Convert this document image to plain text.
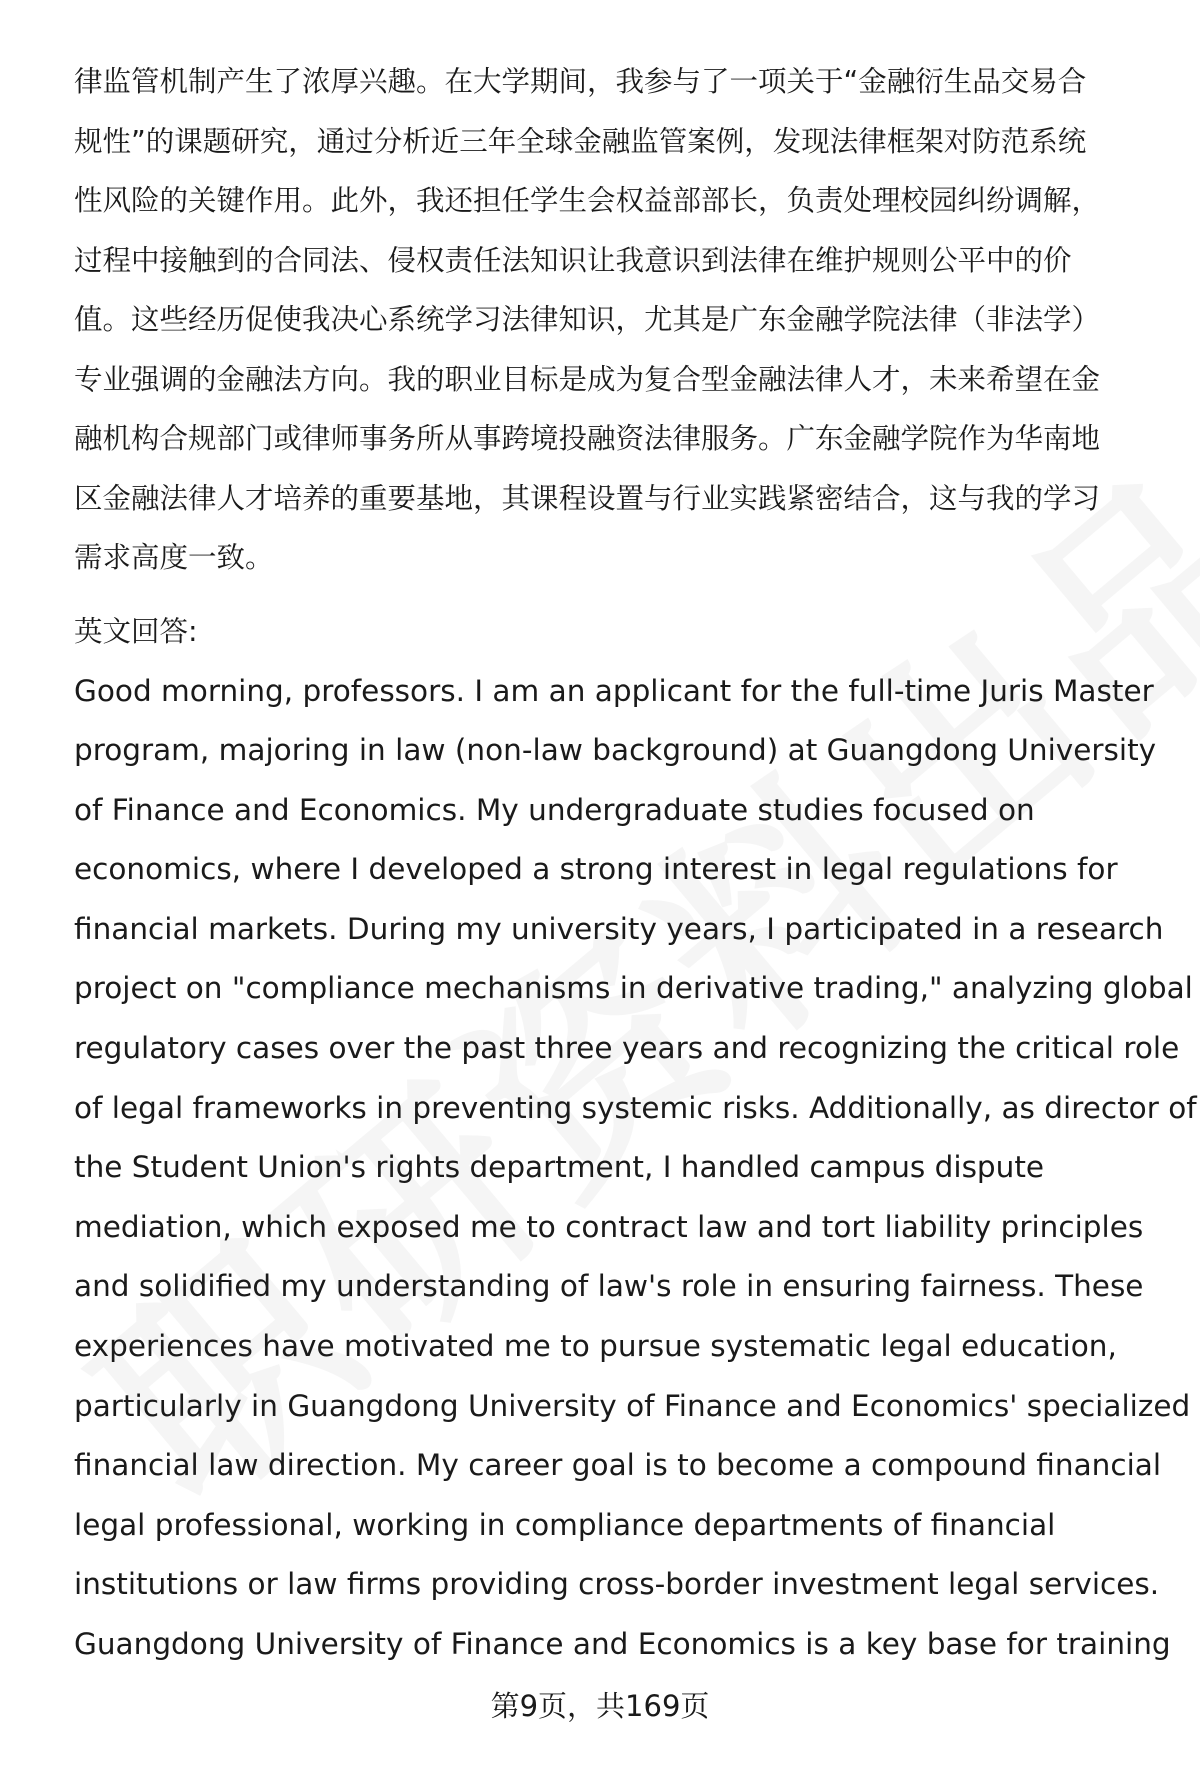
律监管机制产生了浓厚兴趣。在大学期间，我参与了一项关于“金融衍生品交易合
规性”的课题研究，通过分析近三年全球金融监管案例，发现法律框架对防范系统
性风险的关键作用。此外，我还担任学生会权益部部长，负责处理校园纠纷调解，
过程中接触到的合同法、侵权责任法知识让我意识到法律在维护规则公平中的价
值。这些经历促使我决心系统学习法律知识，尤其是广东金融学院法律（非法学）
专业强调的金融法方向。我的职业目标是成为复合型金融法律人才，未来希望在金
融机构合规部门或律师事务所从事跨境投融资法律服务。广东金融学院作为华南地
区金融法律人才培养的重要基地，其课程设置与行业实践紧密结合，这与我的学习
需求高度一致。

英文回答:

Good morning, professors. I am an applicant for the full-time Juris Master
program, majoring in law (non-law background) at Guangdong University
of Finance and Economics. My undergraduate studies focused on
economics, where I developed a strong interest in legal regulations for
financial markets. During my university years, I participated in a research
project on "compliance mechanisms in derivative trading," analyzing global
regulatory cases over the past three years and recognizing the critical role
of legal frameworks in preventing systemic risks. Additionally, as director of
the Student Union's rights department, I handled campus dispute
mediation, which exposed me to contract law and tort liability principles
and solidified my understanding of law's role in ensuring fairness. These
experiences have motivated me to pursue systematic legal education,
particularly in Guangdong University of Finance and Economics' specialized
financial law direction. My career goal is to become a compound financial
legal professional, working in compliance departments of financial
institutions or law firms providing cross-border investment legal services.
Guangdong University of Finance and Economics is a key base for training

第9页，共169页
